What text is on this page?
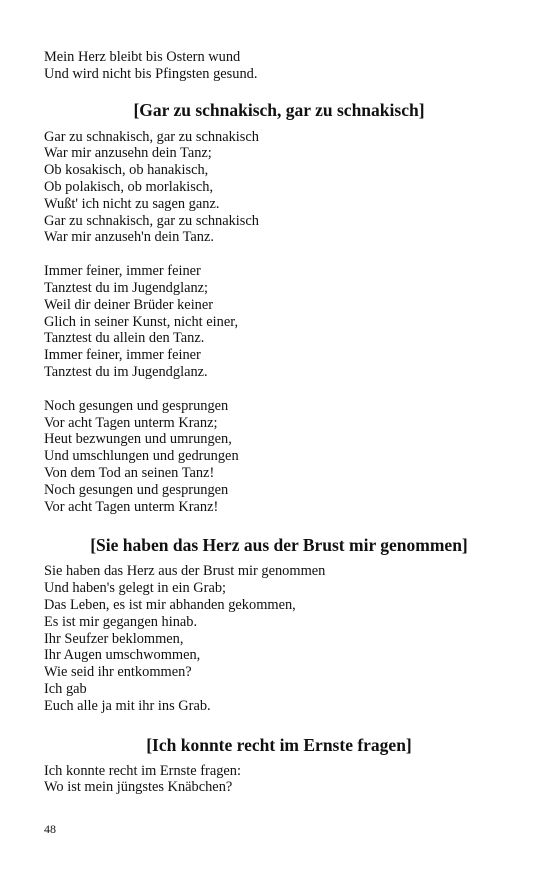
Mein Herz bleibt bis Ostern wund
Und wird nicht bis Pfingsten gesund.
[Gar zu schnakisch, gar zu schnakisch]
Gar zu schnakisch, gar zu schnakisch
War mir anzusehn dein Tanz;
Ob kosakisch, ob hanakisch,
Ob polakisch, ob morlakisch,
Wußt' ich nicht zu sagen ganz.
Gar zu schnakisch, gar zu schnakisch
War mir anzuseh'n dein Tanz.
Immer feiner, immer feiner
Tanztest du im Jugendglanz;
Weil dir deiner Brüder keiner
Glich in seiner Kunst, nicht einer,
Tanztest du allein den Tanz.
Immer feiner, immer feiner
Tanztest du im Jugendglanz.
Noch gesungen und gesprungen
Vor acht Tagen unterm Kranz;
Heut bezwungen und umrungen,
Und umschlungen und gedrungen
Von dem Tod an seinen Tanz!
Noch gesungen und gesprungen
Vor acht Tagen unterm Kranz!
[Sie haben das Herz aus der Brust mir genommen]
Sie haben das Herz aus der Brust mir genommen
Und haben's gelegt in ein Grab;
Das Leben, es ist mir abhanden gekommen,
Es ist mir gegangen hinab.
Ihr Seufzer beklommen,
Ihr Augen umschwommen,
Wie seid ihr entkommen?
Ich gab
Euch alle ja mit ihr ins Grab.
[Ich konnte recht im Ernste fragen]
Ich konnte recht im Ernste fragen:
Wo ist mein jüngstes Knäbchen?
48
